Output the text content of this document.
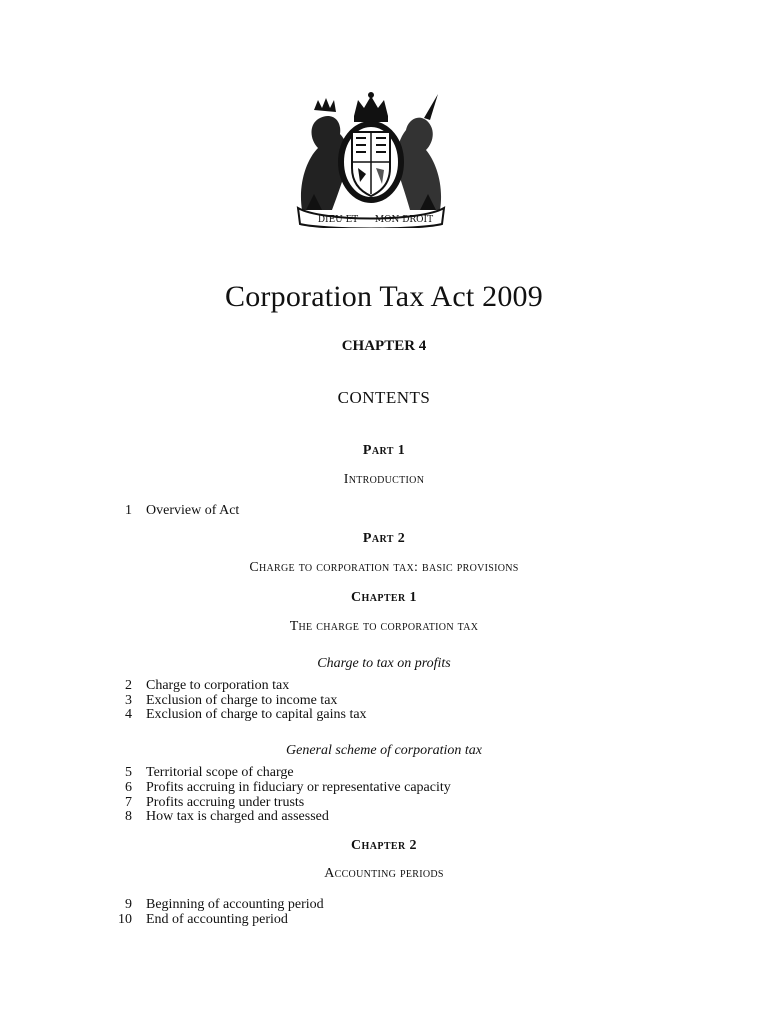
DIEU ET MON DROIT
Corporation Tax Act 2009
CHAPTER 4
CONTENTS
Part 1
Introduction
1 Overview of Act
Part 2
Charge to corporation tax: basic provisions
Chapter 1
The charge to corporation tax
Charge to tax on profits
2 Charge to corporation tax
3 Exclusion of charge to income tax
4 Exclusion of charge to capital gains tax
General scheme of corporation tax
5 Territorial scope of charge
6 Profits accruing in fiduciary or representative capacity
7 Profits accruing under trusts
8 How tax is charged and assessed
Chapter 2
Accounting periods
9 Beginning of accounting period
10 End of accounting period
